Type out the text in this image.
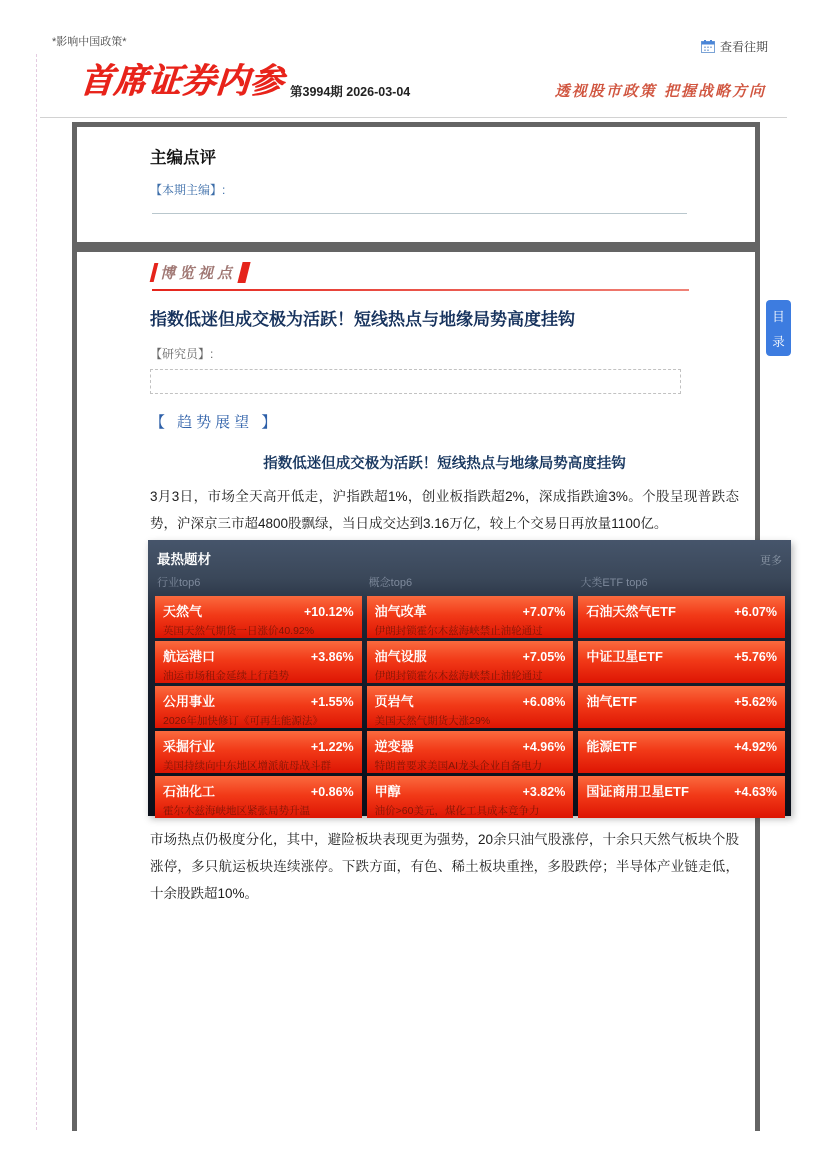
*影响中国政策*	查看往期
首席证券内参 第3994期 2026-03-04	透视股市政策 把握战略方向
主编点评
【本期主编】:
博览视点
指数低迷但成交极为活跃！短线热点与地缘局势高度挂钩
【研究员】:
【 趋势展望 】
指数低迷但成交极为活跃！短线热点与地缘局势高度挂钩
3月3日，市场全天高开低走，沪指跌超1%，创业板指跌超2%，深成指跌逾3%。个股呈现普跌态势，沪深京三市超4800股飘绿，当日成交达到3.16万亿，较上个交易日再放量1100亿。
最热题材	更多
行业top6
天然气	+10.12%
英国天然气期货一日涨价40.92%
航运港口	+3.86%
油运市场租金延续上行趋势
公用事业	+1.55%
2026年加快修订《可再生能源法》
采掘行业	+1.22%
美国持续向中东地区增派航母战斗群
石油化工	+0.86%
霍尔木兹海峡地区紧张局势升温
概念top6
油气改革	+7.07%
伊朗封锁霍尔木兹海峡禁止油轮通过
油气设服	+7.05%
伊朗封锁霍尔木兹海峡禁止油轮通过
页岩气	+6.08%
美国天然气期货大涨29%
逆变器	+4.96%
特朗普要求美国AI龙头企业自备电力
甲醇	+3.82%
油价>60美元，煤化工具成本竞争力
大类ETF top6
石油天然气ETF	+6.07%
中证卫星ETF	+5.76%
油气ETF	+5.62%
能源ETF	+4.92%
国证商用卫星ETF	+4.63%
市场热点仍极度分化，其中，避险板块表现更为强势，20余只油气股涨停，十余只天然气板块个股涨停，多只航运板块连续涨停。下跌方面，有色、稀土板块重挫，多股跌停；半导体产业链走低，十余股跌超10%。
目
录
